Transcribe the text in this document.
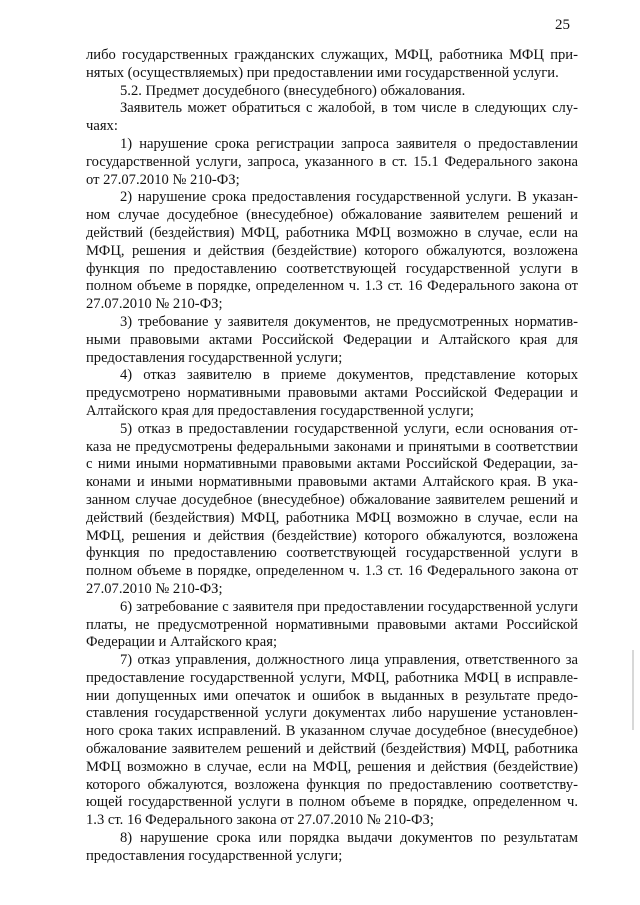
25

либо государственных гражданских служащих, МФЦ, работника МФЦ принятых (осуществляемых) при предоставлении ими государственной услуги.

5.2. Предмет досудебного (внесудебного) обжалования.

Заявитель может обратиться с жалобой, в том числе в следующих случаях:

1) нарушение срока регистрации запроса заявителя о предоставлении государственной услуги, запроса, указанного в ст. 15.1 Федерального закона от 27.07.2010 № 210-ФЗ;

2) нарушение срока предоставления государственной услуги. В указанном случае досудебное (внесудебное) обжалование заявителем решений и действий (бездействия) МФЦ, работника МФЦ возможно в случае, если на МФЦ, решения и действия (бездействие) которого обжалуются, возложена функция по предоставлению соответствующей государственной услуги в полном объеме в порядке, определенном ч. 1.3 ст. 16 Федерального закона от 27.07.2010 № 210-ФЗ;

3) требование у заявителя документов, не предусмотренных нормативными правовыми актами Российской Федерации и Алтайского края для предоставления государственной услуги;

4) отказ заявителю в приеме документов, представление которых предусмотрено нормативными правовыми актами Российской Федерации и Алтайского края для предоставления государственной услуги;

5) отказ в предоставлении государственной услуги, если основания отказа не предусмотрены федеральными законами и принятыми в соответствии с ними иными нормативными правовыми актами Российской Федерации, законами и иными нормативными правовыми актами Алтайского края. В указанном случае досудебное (внесудебное) обжалование заявителем решений и действий (бездействия) МФЦ, работника МФЦ возможно в случае, если на МФЦ, решения и действия (бездействие) которого обжалуются, возложена функция по предоставлению соответствующей государственной услуги в полном объеме в порядке, определенном ч. 1.3 ст. 16 Федерального закона от 27.07.2010 № 210-ФЗ;

6) затребование с заявителя при предоставлении государственной услуги платы, не предусмотренной нормативными правовыми актами Российской Федерации и Алтайского края;

7) отказ управления, должностного лица управления, ответственного за предоставление государственной услуги, МФЦ, работника МФЦ в исправлении допущенных ими опечаток и ошибок в выданных в результате предоставления государственной услуги документах либо нарушение установленного срока таких исправлений. В указанном случае досудебное (внесудебное) обжалование заявителем решений и действий (бездействия) МФЦ, работника МФЦ возможно в случае, если на МФЦ, решения и действия (бездействие) которого обжалуются, возложена функция по предоставлению соответствующей государственной услуги в полном объеме в порядке, определенном ч. 1.3 ст. 16 Федерального закона от 27.07.2010 № 210-ФЗ;

8) нарушение срока или порядка выдачи документов по результатам предоставления государственной услуги;
